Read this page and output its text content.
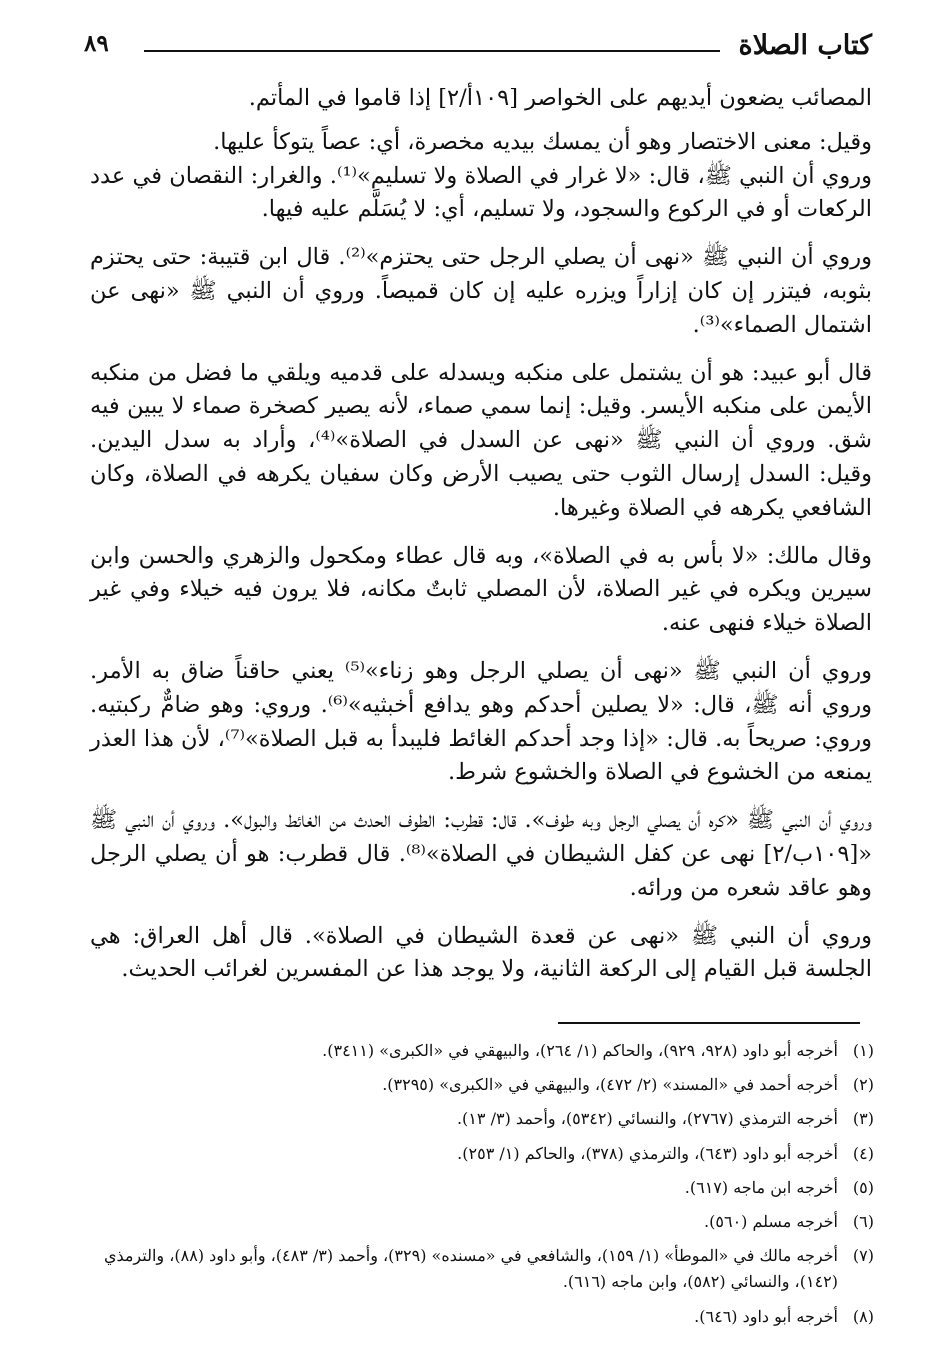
كتاب الصلاة
٨٩

المصائب يضعون أيديهم على الخواصر [١٠٩أ/٢] إذا قاموا في المأتم.

وقيل: معنى الاختصار وهو أن يمسك بيديه مخصرة، أي: عصاً يتوكأ عليها.

وروي أن النبي ﷺ، قال: «لا غرار في الصلاة ولا تسليم»⁽¹⁾. والغرار: النقصان في عدد الركعات أو في الركوع والسجود، ولا تسليم، أي: لا يُسَلَّم عليه فيها.

وروي أن النبي ﷺ «نهى أن يصلي الرجل حتى يحتزم»⁽²⁾. قال ابن قتيبة: حتى يحتزم بثوبه، فيتزر إن كان إزاراً ويزره عليه إن كان قميصاً. وروي أن النبي ﷺ «نهى عن اشتمال الصماء»⁽³⁾.

قال أبو عبيد: هو أن يشتمل على منكبه ويسدله على قدميه ويلقي ما فضل من منكبه الأيمن على منكبه الأيسر. وقيل: إنما سمي صماء، لأنه يصير كصخرة صماء لا يبين فيه شق. وروي أن النبي ﷺ «نهى عن السدل في الصلاة»⁽⁴⁾، وأراد به سدل اليدين. وقيل: السدل إرسال الثوب حتى يصيب الأرض وكان سفيان يكرهه في الصلاة، وكان الشافعي يكرهه في الصلاة وغيرها.

وقال مالك: «لا بأس به في الصلاة»، وبه قال عطاء ومكحول والزهري والحسن وابن سيرين ويكره في غير الصلاة، لأن المصلي ثابتٌ مكانه، فلا يرون فيه خيلاء وفي غير الصلاة خيلاء فنهى عنه.

وروي أن النبي ﷺ «نهى أن يصلي الرجل وهو زناء»⁽⁵⁾ يعني حاقناً ضاق به الأمر. وروي أنه ﷺ، قال: «لا يصلين أحدكم وهو يدافع أخبثيه»⁽⁶⁾. وروي: وهو ضامٌّ ركبتيه. وروي: صريحاً به. قال: «إذا وجد أحدكم الغائط فليبدأ به قبل الصلاة»⁽⁷⁾، لأن هذا العذر يمنعه من الخشوع في الصلاة والخشوع شرط.

وروي أن النبي ﷺ «كره أن يصلي الرجل وبه طوف». قال: قطرب: الطوف الحدث من الغائط والبول». وروي أن النبي ﷺ «[١٠٩ب/٢] نهى عن كفل الشيطان في الصلاة»⁽⁸⁾. قال قطرب: هو أن يصلي الرجل وهو عاقد شعره من ورائه.

وروي أن النبي ﷺ «نهى عن قعدة الشيطان في الصلاة». قال أهل العراق: هي الجلسة قبل القيام إلى الركعة الثانية، ولا يوجد هذا عن المفسرين لغرائب الحديث.

(١)
أخرجه أبو داود (٩٢٨، ٩٢٩)، والحاكم (١/ ٢٦٤)، والبيهقي في «الكبرى» (٣٤١١).
(٢)
أخرجه أحمد في «المسند» (٢/ ٤٧٢)، والبيهقي في «الكبرى» (٣٢٩٥).
(٣)
أخرجه الترمذي (٢٧٦٧)، والنسائي (٥٣٤٢)، وأحمد (٣/ ١٣).
(٤)
أخرجه أبو داود (٦٤٣)، والترمذي (٣٧٨)، والحاكم (١/ ٢٥٣).
(٥)
أخرجه ابن ماجه (٦١٧).
(٦)
أخرجه مسلم (٥٦٠).
(٧)
أخرجه مالك في «الموطأ» (١/ ١٥٩)، والشافعي في «مسنده» (٣٢٩)، وأحمد (٣/ ٤٨٣)، وأبو داود (٨٨)، والترمذي (١٤٢)، والنسائي (٥٨٢)، وابن ماجه (٦١٦).
(٨)
أخرجه أبو داود (٦٤٦).
